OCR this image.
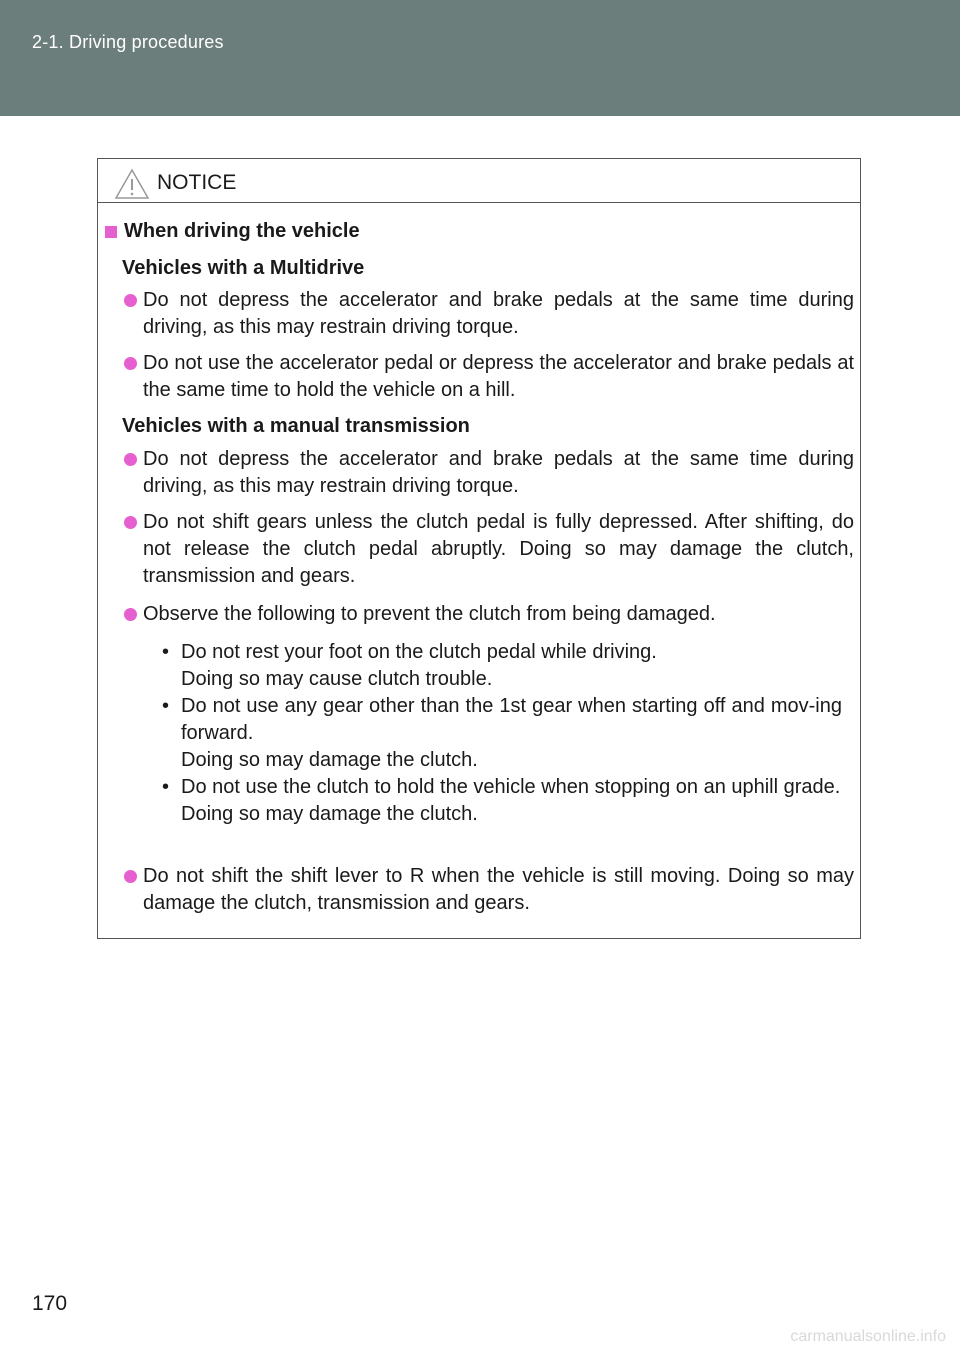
2-1. Driving procedures
NOTICE
When driving the vehicle
Vehicles with a Multidrive
Do not depress the accelerator and brake pedals at the same time during driving, as this may restrain driving torque.
Do not use the accelerator pedal or depress the accelerator and brake pedals at the same time to hold the vehicle on a hill.
Vehicles with a manual transmission
Do not depress the accelerator and brake pedals at the same time during driving, as this may restrain driving torque.
Do not shift gears unless the clutch pedal is fully depressed. After shifting, do not release the clutch pedal abruptly. Doing so may damage the clutch, transmission and gears.
Observe the following to prevent the clutch from being damaged.
• Do not rest your foot on the clutch pedal while driving.
Doing so may cause clutch trouble.
• Do not use any gear other than the 1st gear when starting off and mov-ing forward.
Doing so may damage the clutch.
• Do not use the clutch to hold the vehicle when stopping on an uphill grade.
Doing so may damage the clutch.
Do not shift the shift lever to R when the vehicle is still moving. Doing so may damage the clutch, transmission and gears.
170
carmanualsonline.info
